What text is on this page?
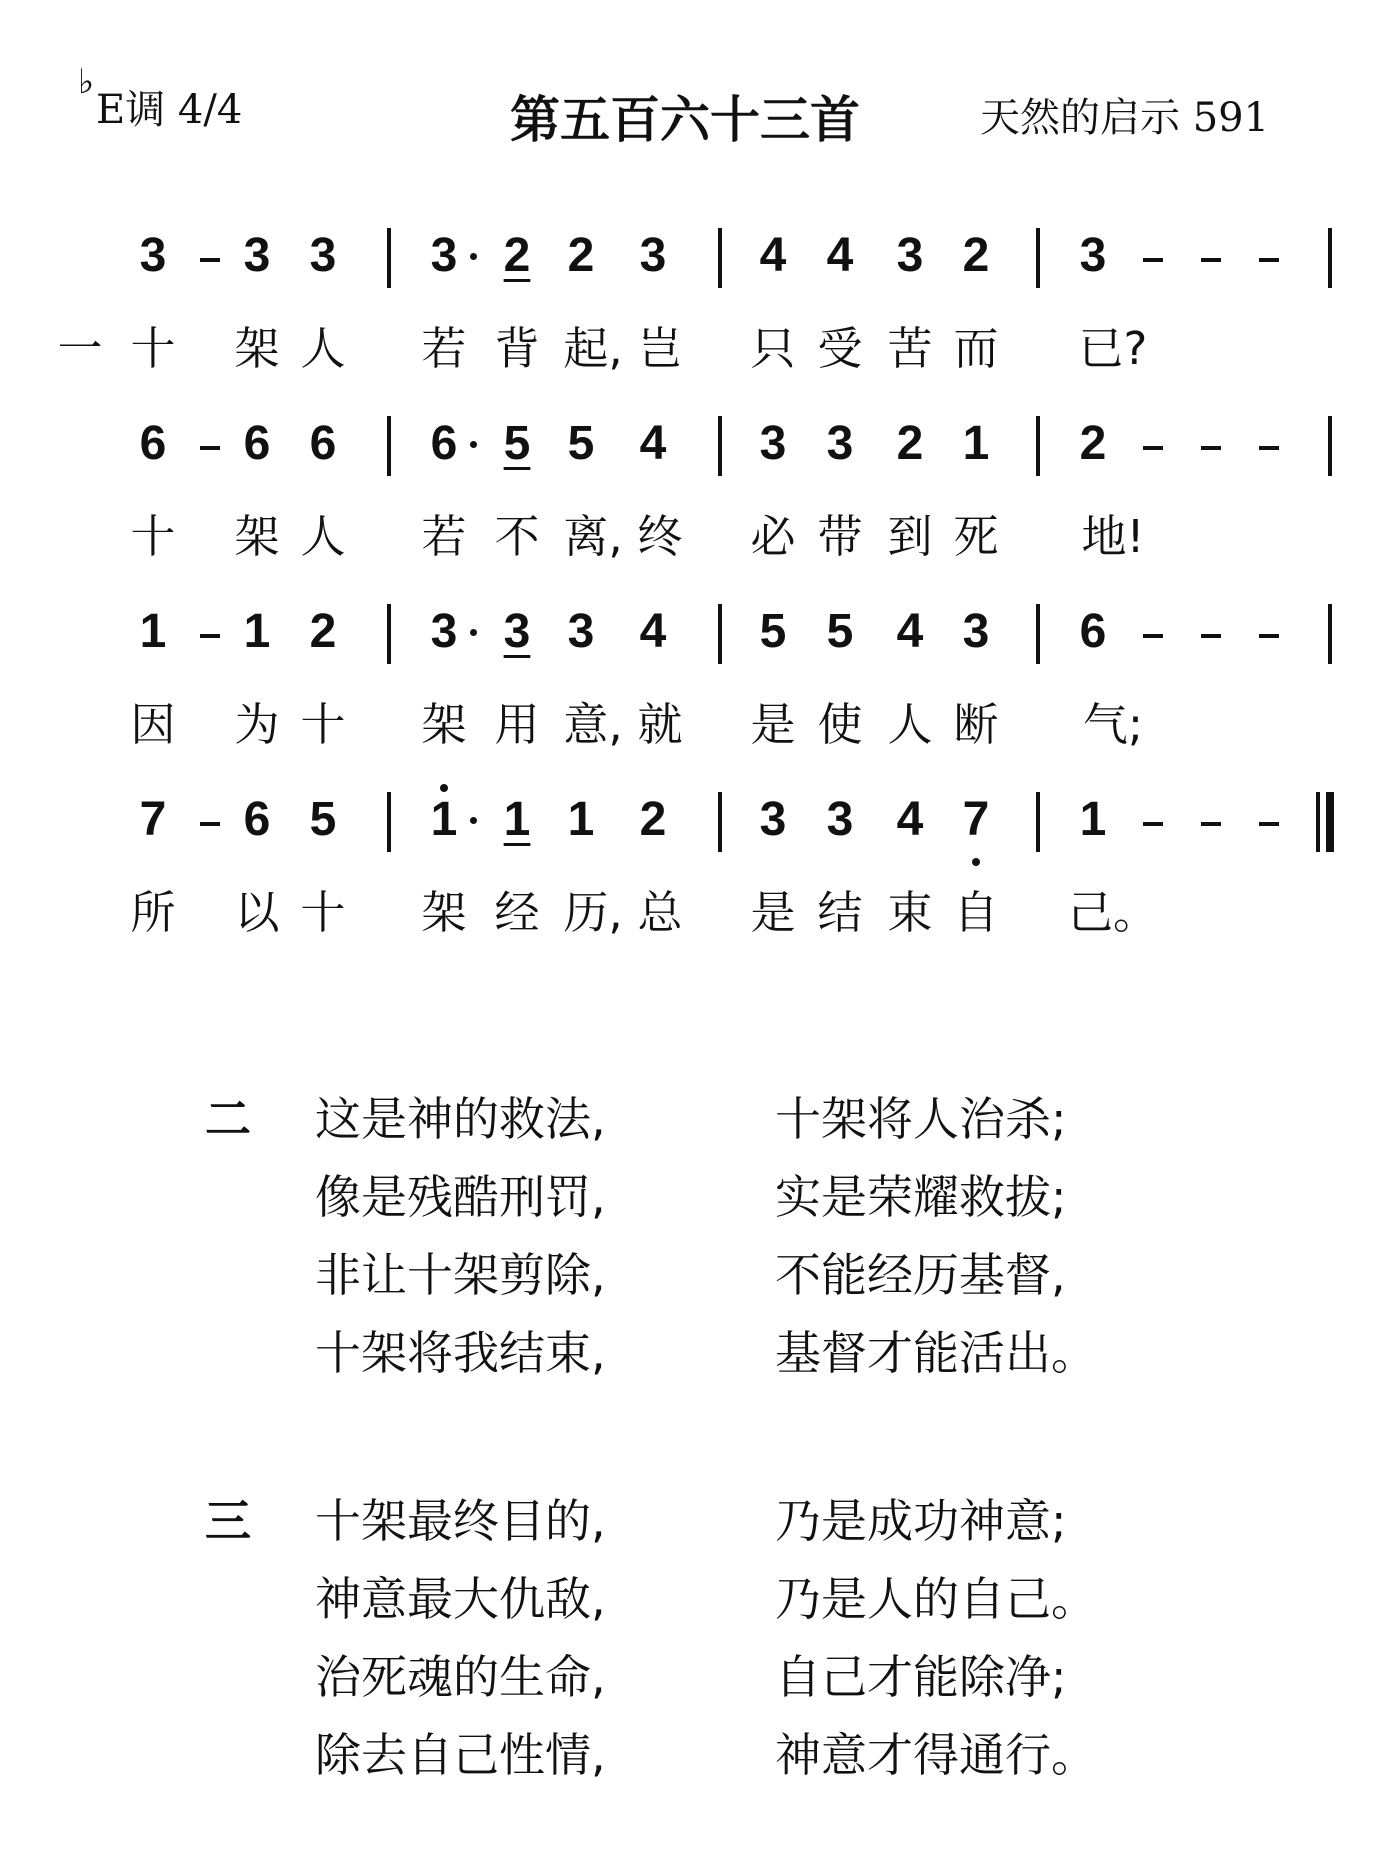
♭
E调 4/4	第五百六十三首	天然的启示 591
3 3 3 3 2 2 3 4 4 3 2 3
一 十 架 人 若 背 起, 岂 只 受 苦 而 已?
6 6 6 6 5 5 4 3 3 2 1 2
十 架 人 若 不 离, 终 必 带 到 死 地!
1 1 2 3 3 3 4 5 5 4 3 6
因 为 十 架 用 意, 就 是 使 人 断 气;
7 6 5 1 1 1 2 3 3 4 7 1
所 以 十 架 经 历, 总 是 结 束 自 己。
二 这是神的救法,	十架将人治杀;
像是残酷刑罚,	实是荣耀救拔;
非让十架剪除,	不能经历基督,
十架将我结束,	基督才能活出。
三 十架最终目的,	乃是成功神意;
神意最大仇敌,	乃是人的自己。
治死魂的生命,	自己才能除净;
除去自己性情,	神意才得通行。
